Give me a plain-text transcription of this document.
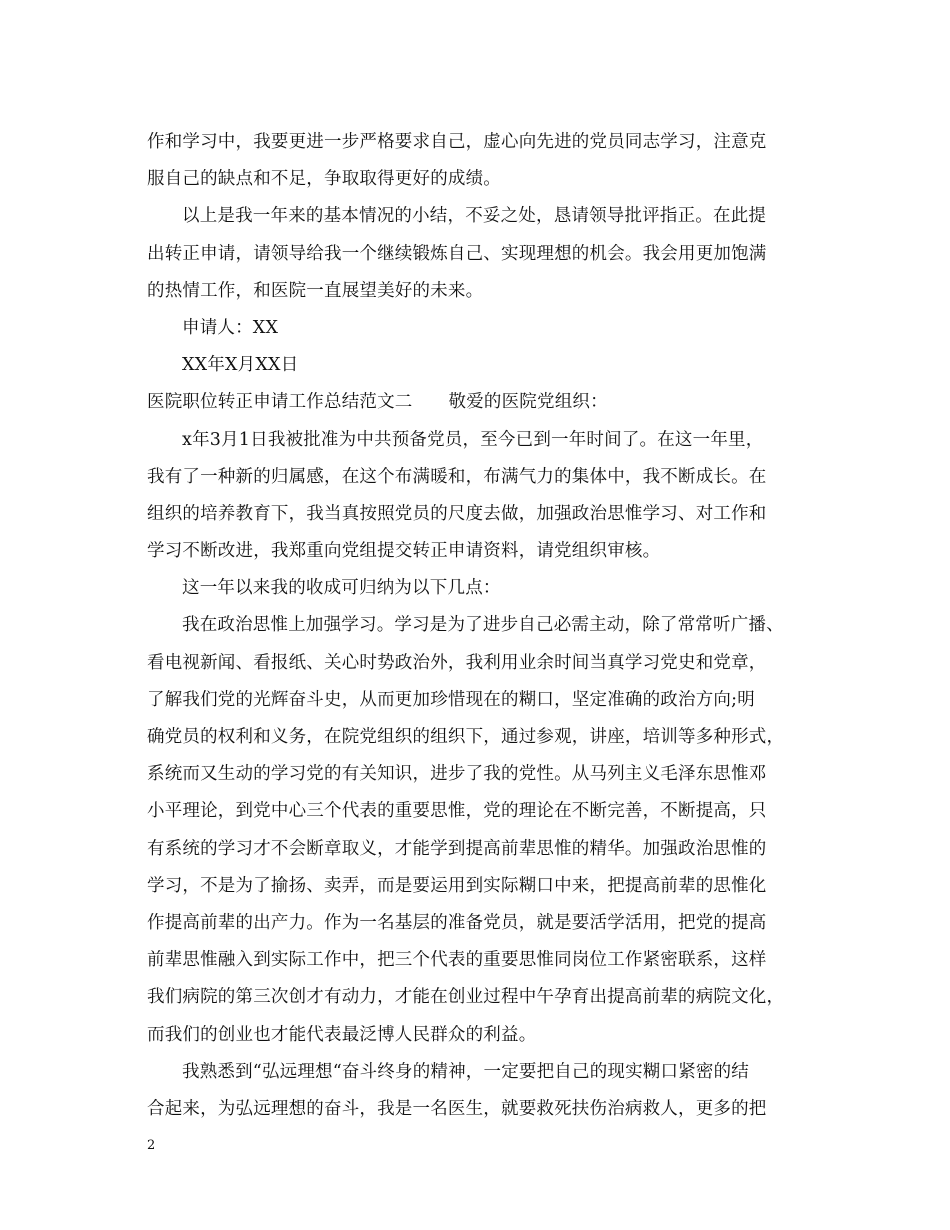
作和学习中，我要更进一步严格要求自己，虚心向先进的党员同志学习，注意克
服自己的缺点和不足，争取取得更好的成绩。
以上是我一年来的基本情况的小结，不妥之处，恳请领导批评指正。在此提
出转正申请，请领导给我一个继续锻炼自己、实现理想的机会。我会用更加饱满
的热情工作，和医院一直展望美好的未来。
申请人：XX
XX年X月XX日
医院职位转正申请工作总结范文二 敬爱的医院党组织：
x年3月1日我被批准为中共预备党员，至今已到一年时间了。在这一年里，
我有了一种新的归属感，在这个布满暖和，布满气力的集体中，我不断成长。在
组织的培养教育下，我当真按照党员的尺度去做，加强政治思惟学习、对工作和
学习不断改进，我郑重向党组提交转正申请资料，请党组织审核。
这一年以来我的收成可归纳为以下几点：
我在政治思惟上加强学习。学习是为了进步自己必需主动，除了常常听广播、
看电视新闻、看报纸、关心时势政治外，我利用业余时间当真学习党史和党章，
了解我们党的光辉奋斗史，从而更加珍惜现在的糊口，坚定准确的政治方向;明
确党员的权利和义务，在院党组织的组织下，通过参观，讲座，培训等多种形式，
系统而又生动的学习党的有关知识，进步了我的党性。从马列主义毛泽东思惟邓
小平理论，到党中心三个代表的重要思惟，党的理论在不断完善，不断提高，只
有系统的学习才不会断章取义，才能学到提高前辈思惟的精华。加强政治思惟的
学习，不是为了揄扬、卖弄，而是要运用到实际糊口中来，把提高前辈的思惟化
作提高前辈的出产力。作为一名基层的准备党员，就是要活学活用，把党的提高
前辈思惟融入到实际工作中，把三个代表的重要思惟同岗位工作紧密联系，这样
我们病院的第三次创才有动力，才能在创业过程中午孕育出提高前辈的病院文化，
而我们的创业也才能代表最泛博人民群众的利益。
我熟悉到“弘远理想“奋斗终身的精神，一定要把自己的现实糊口紧密的结
合起来，为弘远理想的奋斗，我是一名医生，就要救死扶伤治病救人，更多的把
2
